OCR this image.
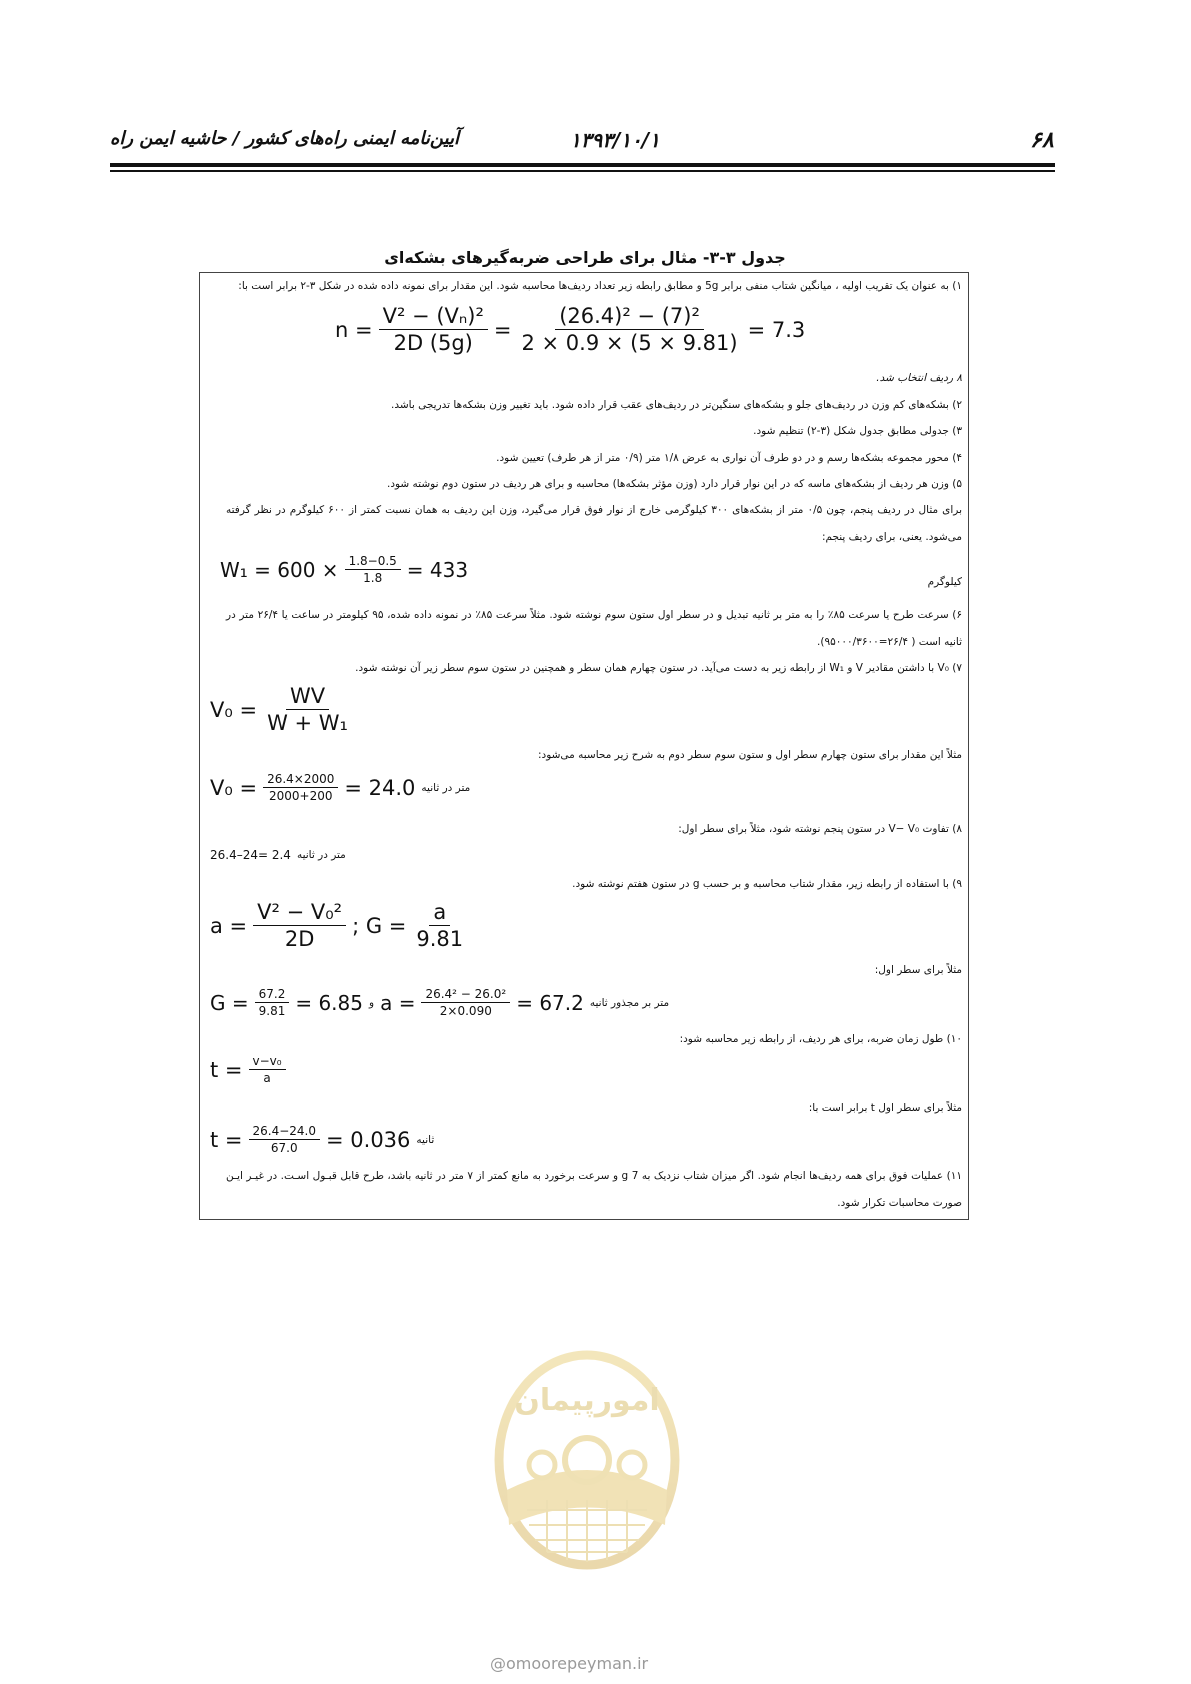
۶۸
۱۳۹۳/۱۰/۱
آیین‌نامه ایمنی راه‌های کشور / حاشیه ایمن راه
جدول ۳-۳- مثال برای طراحی ضربه‌گیرهای بشکه‌ای
۱) به عنوان یک تقریب اولیه ، میانگین شتاب منفی برابر 5g و مطابق رابطه زیر تعداد ردیف‌ها محاسبه شود. این مقدار برای نمونه داده شده در شکل ۳-۲ برابر است با:
$n = \frac{\text{V² − (Vₙ)²}}{2D (5g)} = \frac{\text{(26.4)² − (7)²}}{2 \times 0.9 \times (5 \times 9.81)} = 7.3$
۸ ردیف انتخاب شد.
۲) بشکه‌های کم وزن در ردیف‌های جلو و بشکه‌های سنگین‌تر در ردیف‌های عقب قرار داده شود. باید تغییر وزن بشکه‌ها تدریجی باشد.
۳) جدولی مطابق جدول شکل (۳-۲) تنظیم شود.
۴) محور مجموعه بشکه‌ها رسم و در دو طرف آن نواری به عرض ۱/۸ متر (۰/۹ متر از هر طرف) تعیین شود.
۵) وزن هر ردیف از بشکه‌های ماسه که در این نوار قرار دارد (وزن مؤثر بشکه‌ها) محاسبه و برای هر ردیف در ستون دوم نوشته شود.
برای مثال در ردیف پنجم، چون ۰/۵ متر از بشکه‌های ۳۰۰ کیلوگرمی خارج از نوار فوق قرار می‌گیرد، وزن این ردیف به همان نسبت کمتر از ۶۰۰ کیلوگرم در نظر گرفته
می‌شود. یعنی، برای ردیف پنجم:
$W_1 = 600 \times \frac{1.8-0.5}{1.8} = 433$
کیلوگرم
۶) سرعت طرح یا سرعت ۸۵٪ را به متر بر ثانیه تبدیل و در سطر اول ستون سوم نوشته شود. مثلاً سرعت ۸۵٪ در نمونه داده شده، ۹۵ کیلومتر در ساعت یا ۲۶/۴ متر در
ثانیه است ( ۲۶/۴=۹۵۰۰۰/۳۶۰۰).
۷) V₀ با داشتن مقادیر V و W₁ از رابطه زیر به دست می‌آید. در ستون چهارم همان سطر و همچنین در ستون سوم سطر زیر آن نوشته شود.
$V_0 = \frac{WV}{\text{W + W₁}}$
مثلاً این مقدار برای ستون چهارم سطر اول و ستون سوم سطر دوم به شرح زیر محاسبه می‌شود:
$V_0 = \frac{26.4\times 2000}{2000+200} = 24.0$ متر در ثانیه
۸) تفاوت V− V₀ در ستون پنجم نوشته شود، مثلاً برای سطر اول:
26.4–24= 2.4 متر در ثانیه
۹) با استفاده از رابطه زیر، مقدار شتاب محاسبه و بر حسب g در ستون هفتم نوشته شود.
$a = \frac{\text{V² − V₀²}}{2D}$ ; $G = \frac{a}{9.81}$
مثلاً برای سطر اول:
$G = \frac{67.2}{9.81} = 6.85$ و $a = \frac{\text{26.4² − 26.0²}}{2\times 0.090} = 67.2$ متر بر مجذور ثانیه
۱۰) طول زمان ضربه، برای هر ردیف، از رابطه زیر محاسبه شود:
$t = \frac{\text{v−v₀}}{a}$
مثلاً برای سطر اول t برابر است با:
$t = \frac{26.4-24.0}{67.0} = 0.036$ ثانیه
۱۱) عملیات فوق برای همه ردیف‌ها انجام شود. اگر میزان شتاب نزدیک به 7 g و سرعت برخورد به مانع کمتر از ۷ متر در ثانیه باشد، طرح قابل قبـول اسـت. در غیـر ایـن
صورت محاسبات تکرار شود.
امورپیمان
@omoorepeyman.ir
